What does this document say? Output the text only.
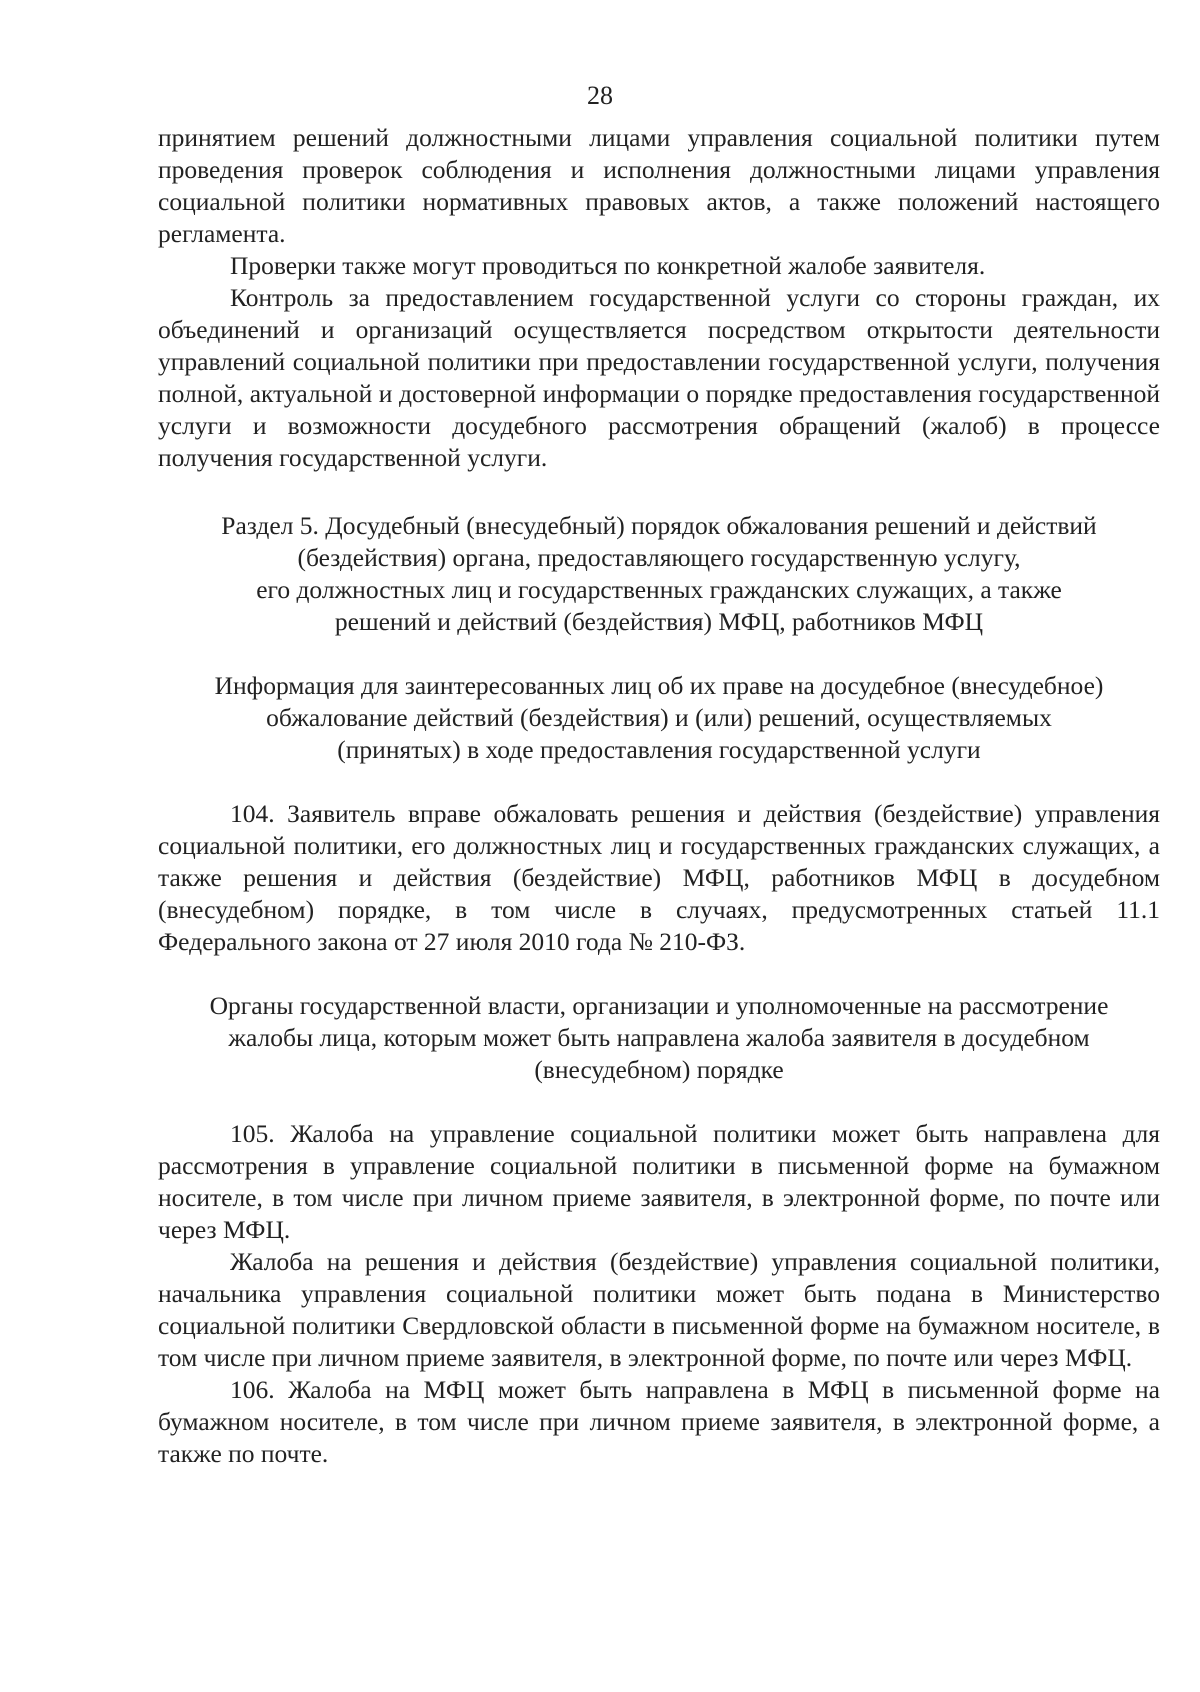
28

принятием решений должностными лицами управления социальной политики путем проведения проверок соблюдения и исполнения должностными лицами управления социальной политики нормативных правовых актов, а также положений настоящего регламента.

Проверки также могут проводиться по конкретной жалобе заявителя.

Контроль за предоставлением государственной услуги со стороны граждан, их объединений и организаций осуществляется посредством открытости деятельности управлений социальной политики при предоставлении государственной услуги, получения полной, актуальной и достоверной информации о порядке предоставления государственной услуги и возможности досудебного рассмотрения обращений (жалоб) в процессе получения государственной услуги.

Раздел 5. Досудебный (внесудебный) порядок обжалования решений и действий

(бездействия) органа, предоставляющего государственную услугу,

его должностных лиц и государственных гражданских служащих, а также

решений и действий (бездействия) МФЦ, работников МФЦ

Информация для заинтересованных лиц об их праве на досудебное (внесудебное)

обжалование действий (бездействия) и (или) решений, осуществляемых

(принятых) в ходе предоставления государственной услуги

104. Заявитель вправе обжаловать решения и действия (бездействие) управления социальной политики, его должностных лиц и государственных гражданских служащих, а также решения и действия (бездействие) МФЦ, работников МФЦ в досудебном (внесудебном) порядке, в том числе в случаях, предусмотренных статьей 11.1 Федерального закона от 27 июля 2010 года № 210-ФЗ.

Органы государственной власти, организации и уполномоченные на рассмотрение

жалобы лица, которым может быть направлена жалоба заявителя в досудебном

(внесудебном) порядке

105. Жалоба на управление социальной политики может быть направлена для рассмотрения в управление социальной политики в письменной форме на бумажном носителе, в том числе при личном приеме заявителя, в электронной форме, по почте или через МФЦ.

Жалоба на решения и действия (бездействие) управления социальной политики, начальника управления социальной политики может быть подана в Министерство социальной политики Свердловской области в письменной форме на бумажном носителе, в том числе при личном приеме заявителя, в электронной форме, по почте или через МФЦ.

106. Жалоба на МФЦ может быть направлена в МФЦ в письменной форме на бумажном носителе, в том числе при личном приеме заявителя, в электронной форме, а также по почте.
